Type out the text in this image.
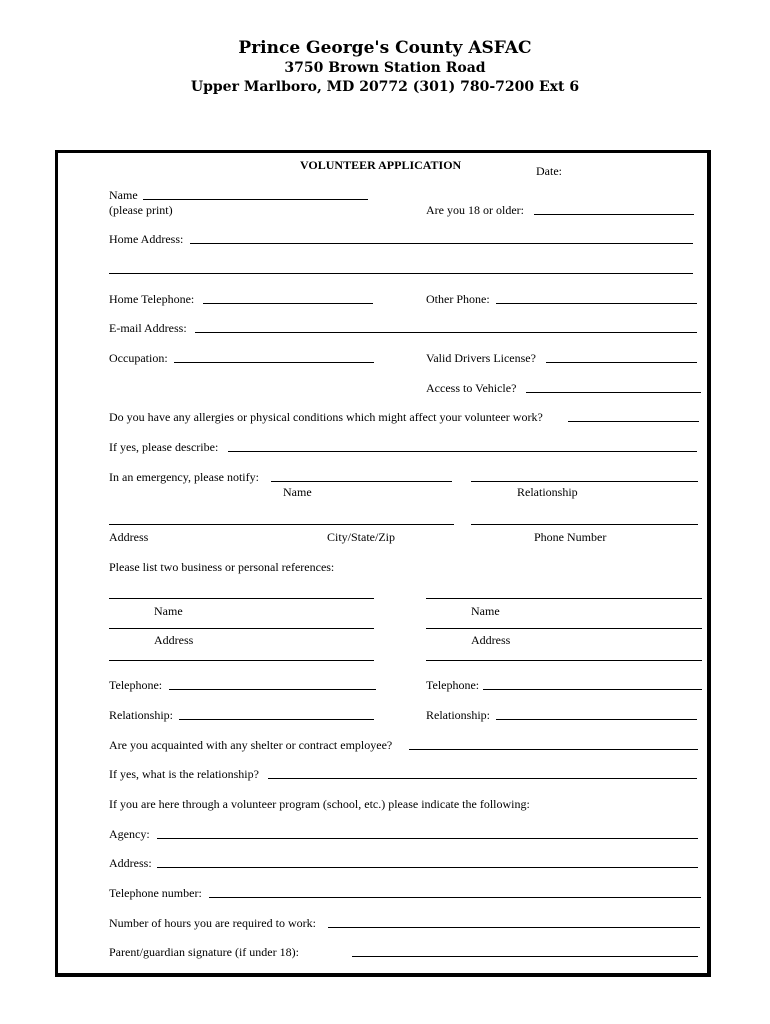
Prince George's County ASFAC
3750 Brown Station Road
Upper Marlboro, MD 20772 (301) 780-7200 Ext 6
VOLUNTEER APPLICATION	Date:
Name
(please print)	Are you 18 or older:
Home Address:
Home Telephone:	Other Phone:
E-mail Address:
Occupation:	Valid Drivers License?
Access to Vehicle?
Do you have any allergies or physical conditions which might affect your volunteer work?
If yes, please describe:
In an emergency, please notify:
Name	Relationship
Address	City/State/Zip	Phone Number
Please list two business or personal references:
Name	Name
Address	Address
Telephone:	Telephone:
Relationship:	Relationship:
Are you acquainted with any shelter or contract employee?
If yes, what is the relationship?
If you are here through a volunteer program (school, etc.) please indicate the following:
Agency:
Address:
Telephone number:
Number of hours you are required to work:
Parent/guardian signature (if under 18):
